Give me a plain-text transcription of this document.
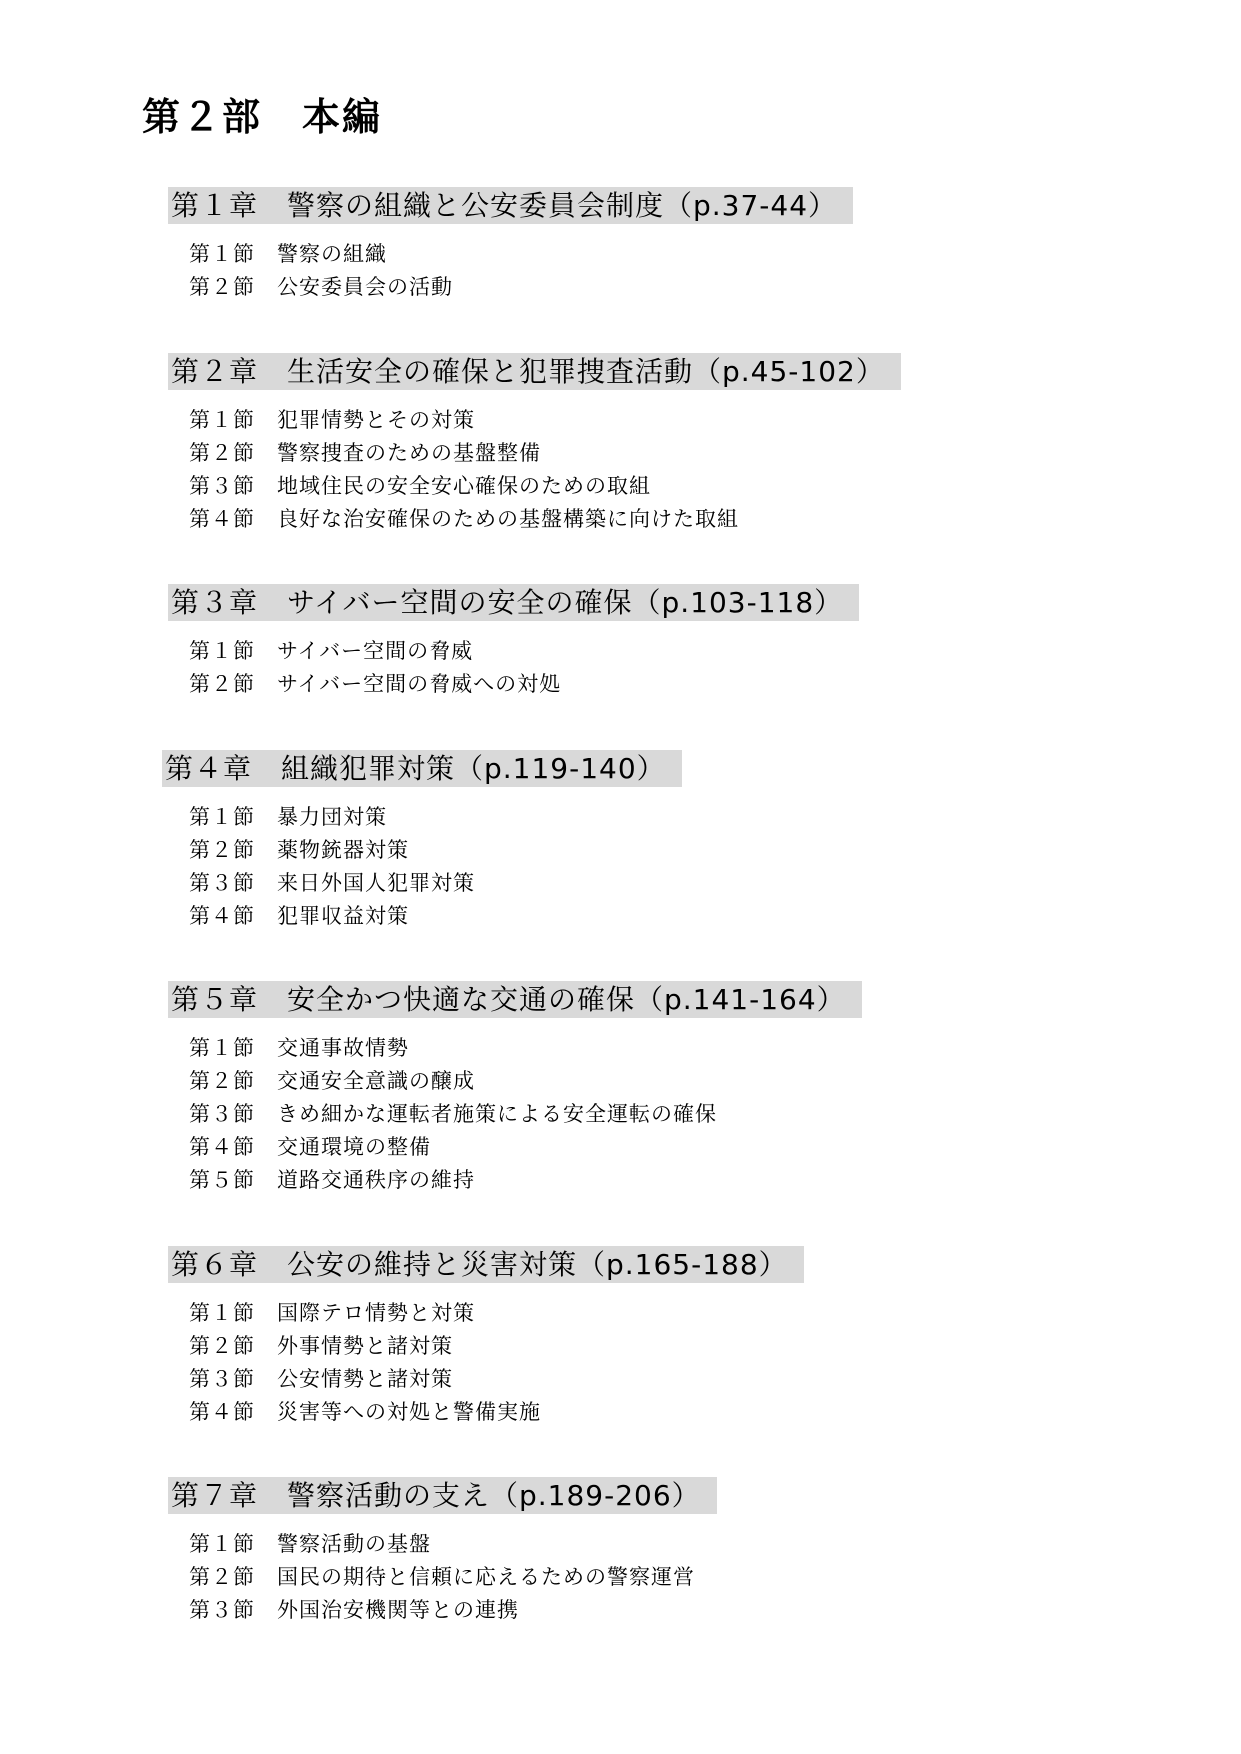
第２部　本編
第１章　警察の組織と公安委員会制度（p.37-44）
第１節　警察の組織
第２節　公安委員会の活動
第２章　生活安全の確保と犯罪捜査活動（p.45-102）
第１節　犯罪情勢とその対策
第２節　警察捜査のための基盤整備
第３節　地域住民の安全安心確保のための取組
第４節　良好な治安確保のための基盤構築に向けた取組
第３章　サイバー空間の安全の確保（p.103-118）
第１節　サイバー空間の脅威
第２節　サイバー空間の脅威への対処
第４章　組織犯罪対策（p.119-140）
第１節　暴力団対策
第２節　薬物銃器対策
第３節　来日外国人犯罪対策
第４節　犯罪収益対策
第５章　安全かつ快適な交通の確保（p.141-164）
第１節　交通事故情勢
第２節　交通安全意識の醸成
第３節　きめ細かな運転者施策による安全運転の確保
第４節　交通環境の整備
第５節　道路交通秩序の維持
第６章　公安の維持と災害対策（p.165-188）
第１節　国際テロ情勢と対策
第２節　外事情勢と諸対策
第３節　公安情勢と諸対策
第４節　災害等への対処と警備実施
第７章　警察活動の支え（p.189-206）
第１節　警察活動の基盤
第２節　国民の期待と信頼に応えるための警察運営
第３節　外国治安機関等との連携
